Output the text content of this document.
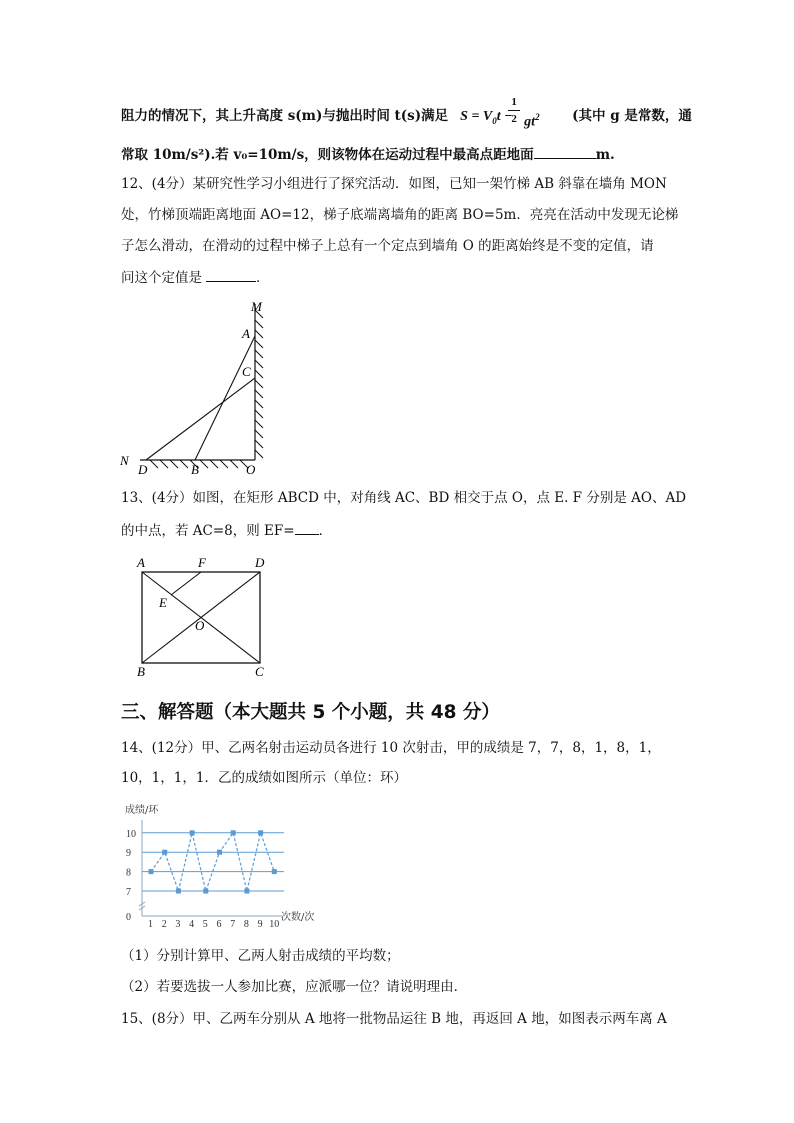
阻力的情况下，其上升高度 s(m)与抛出时间 t(s)满足 $S = V_0t$ −
1
2 $gt^2$ (其中 g 是常数，通
常取 10m/s²).若 v₀=10m/s，则该物体在运动过程中最高点距地面	m.
12、(4分）某研究性学习小组进行了探究活动．如图，已知一架竹梯 AB 斜靠在墙角 MON
处，竹梯顶端距离地面 AO=12，梯子底端离墙角的距离 BO=5m．亮亮在活动中发现无论梯
子怎么滑动，在滑动的过程中梯子上总有一个定点到墙角 O 的距离始终是不变的定值，请
问这个定值是	．
M
A
C
N
D	B	O
13、(4分）如图，在矩形 ABCD 中，对角线 AC、BD 相交于点 O，点 E. F 分别是 AO、AD
的中点，若 AC=8，则 EF= ．
A	F	D
E
O
B	C
三、解答题（本大题共 5 个小题，共 48 分）
14、(12分）甲、乙两名射击运动员各进行 10 次射击，甲的成绩是 7，7，8，1，8，1，
10，1，1，1．乙的成绩如图所示（单位：环）
成绩/环
次数/次
0
7
8
9
10
1 2 3 4 5 6 7 8 9 10
（1）分别计算甲、乙两人射击成绩的平均数；
（2）若要选拔一人参加比赛，应派哪一位？请说明理由．
15、(8分）甲、乙两车分别从 A 地将一批物品运往 B 地，再返回 A 地，如图表示两车离 A
